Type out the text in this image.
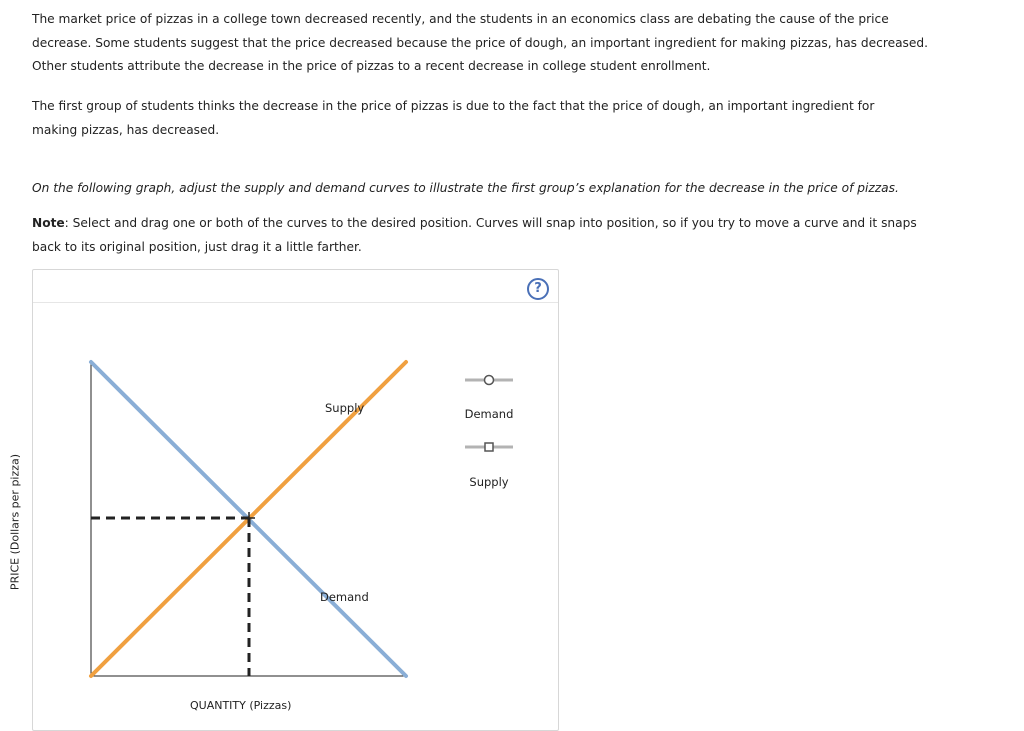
The market price of pizzas in a college town decreased recently, and the students in an economics class are debating the cause of the price decrease. Some students suggest that the price decreased because the price of dough, an important ingredient for making pizzas, has decreased. Other students attribute the decrease in the price of pizzas to a recent decrease in college student enrollment.

The first group of students thinks the decrease in the price of pizzas is due to the fact that the price of dough, an important ingredient for making pizzas, has decreased.

On the following graph, adjust the supply and demand curves to illustrate the first group’s explanation for the decrease in the price of pizzas.

Note: Select and drag one or both of the curves to the desired position. Curves will snap into position, so if you try to move a curve and it snaps back to its original position, just drag it a little farther.

?
PRICE (Dollars per pizza)
Supply
Demand
Demand
Supply
QUANTITY (Pizzas)
